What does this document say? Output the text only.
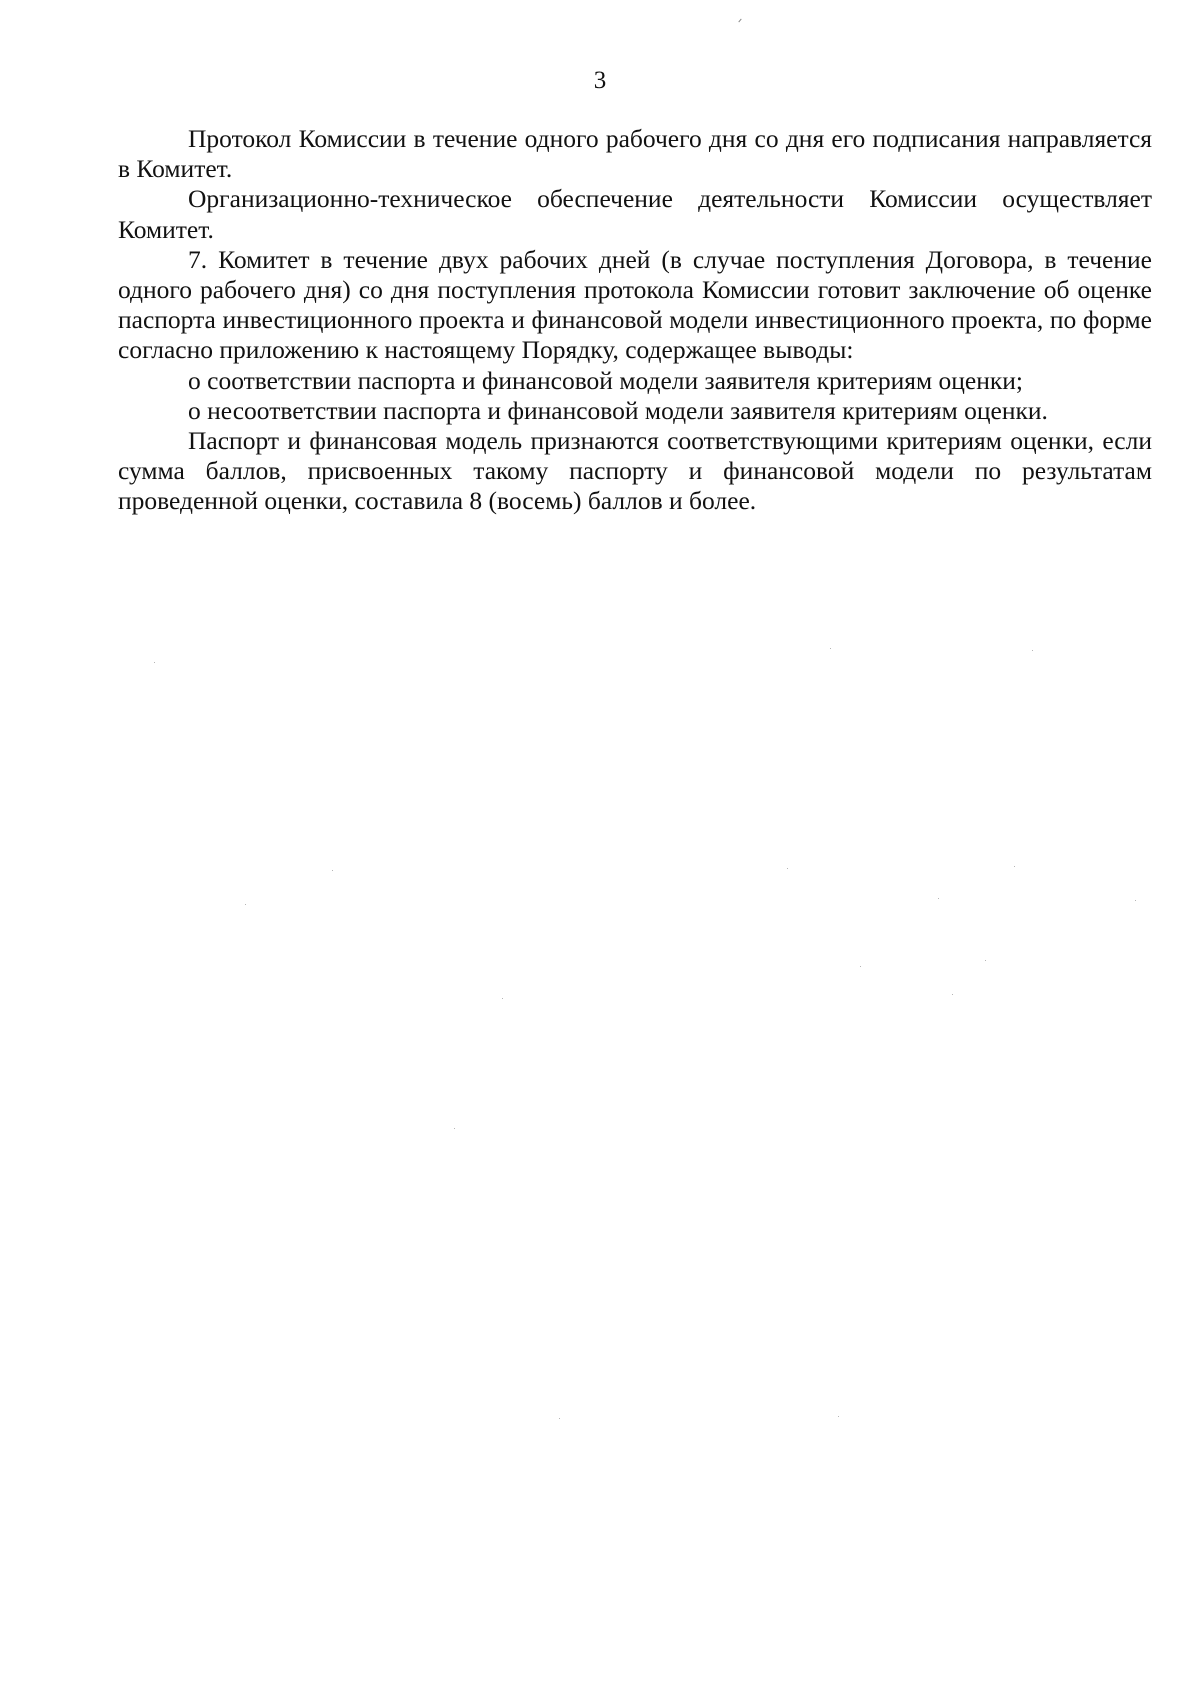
3

Протокол Комиссии в течение одного рабочего дня со дня его подписания направляется в Комитет.

Организационно-техническое обеспечение деятельности Комиссии осуществляет Комитет.

7. Комитет в течение двух рабочих дней (в случае поступления Договора, в течение одного рабочего дня) со дня поступления протокола Комиссии готовит заключение об оценке паспорта инвестиционного проекта и финансовой модели инвестиционного проекта, по форме согласно приложению к настоящему Порядку, содержащее выводы:

о соответствии паспорта и финансовой модели заявителя критериям оценки;

о несоответствии паспорта и финансовой модели заявителя критериям оценки.

Паспорт и финансовая модель признаются соответствующими критериям оценки, если сумма баллов, присвоенных такому паспорту и финансовой модели по результатам проведенной оценки, составила 8 (восемь) баллов и более.
